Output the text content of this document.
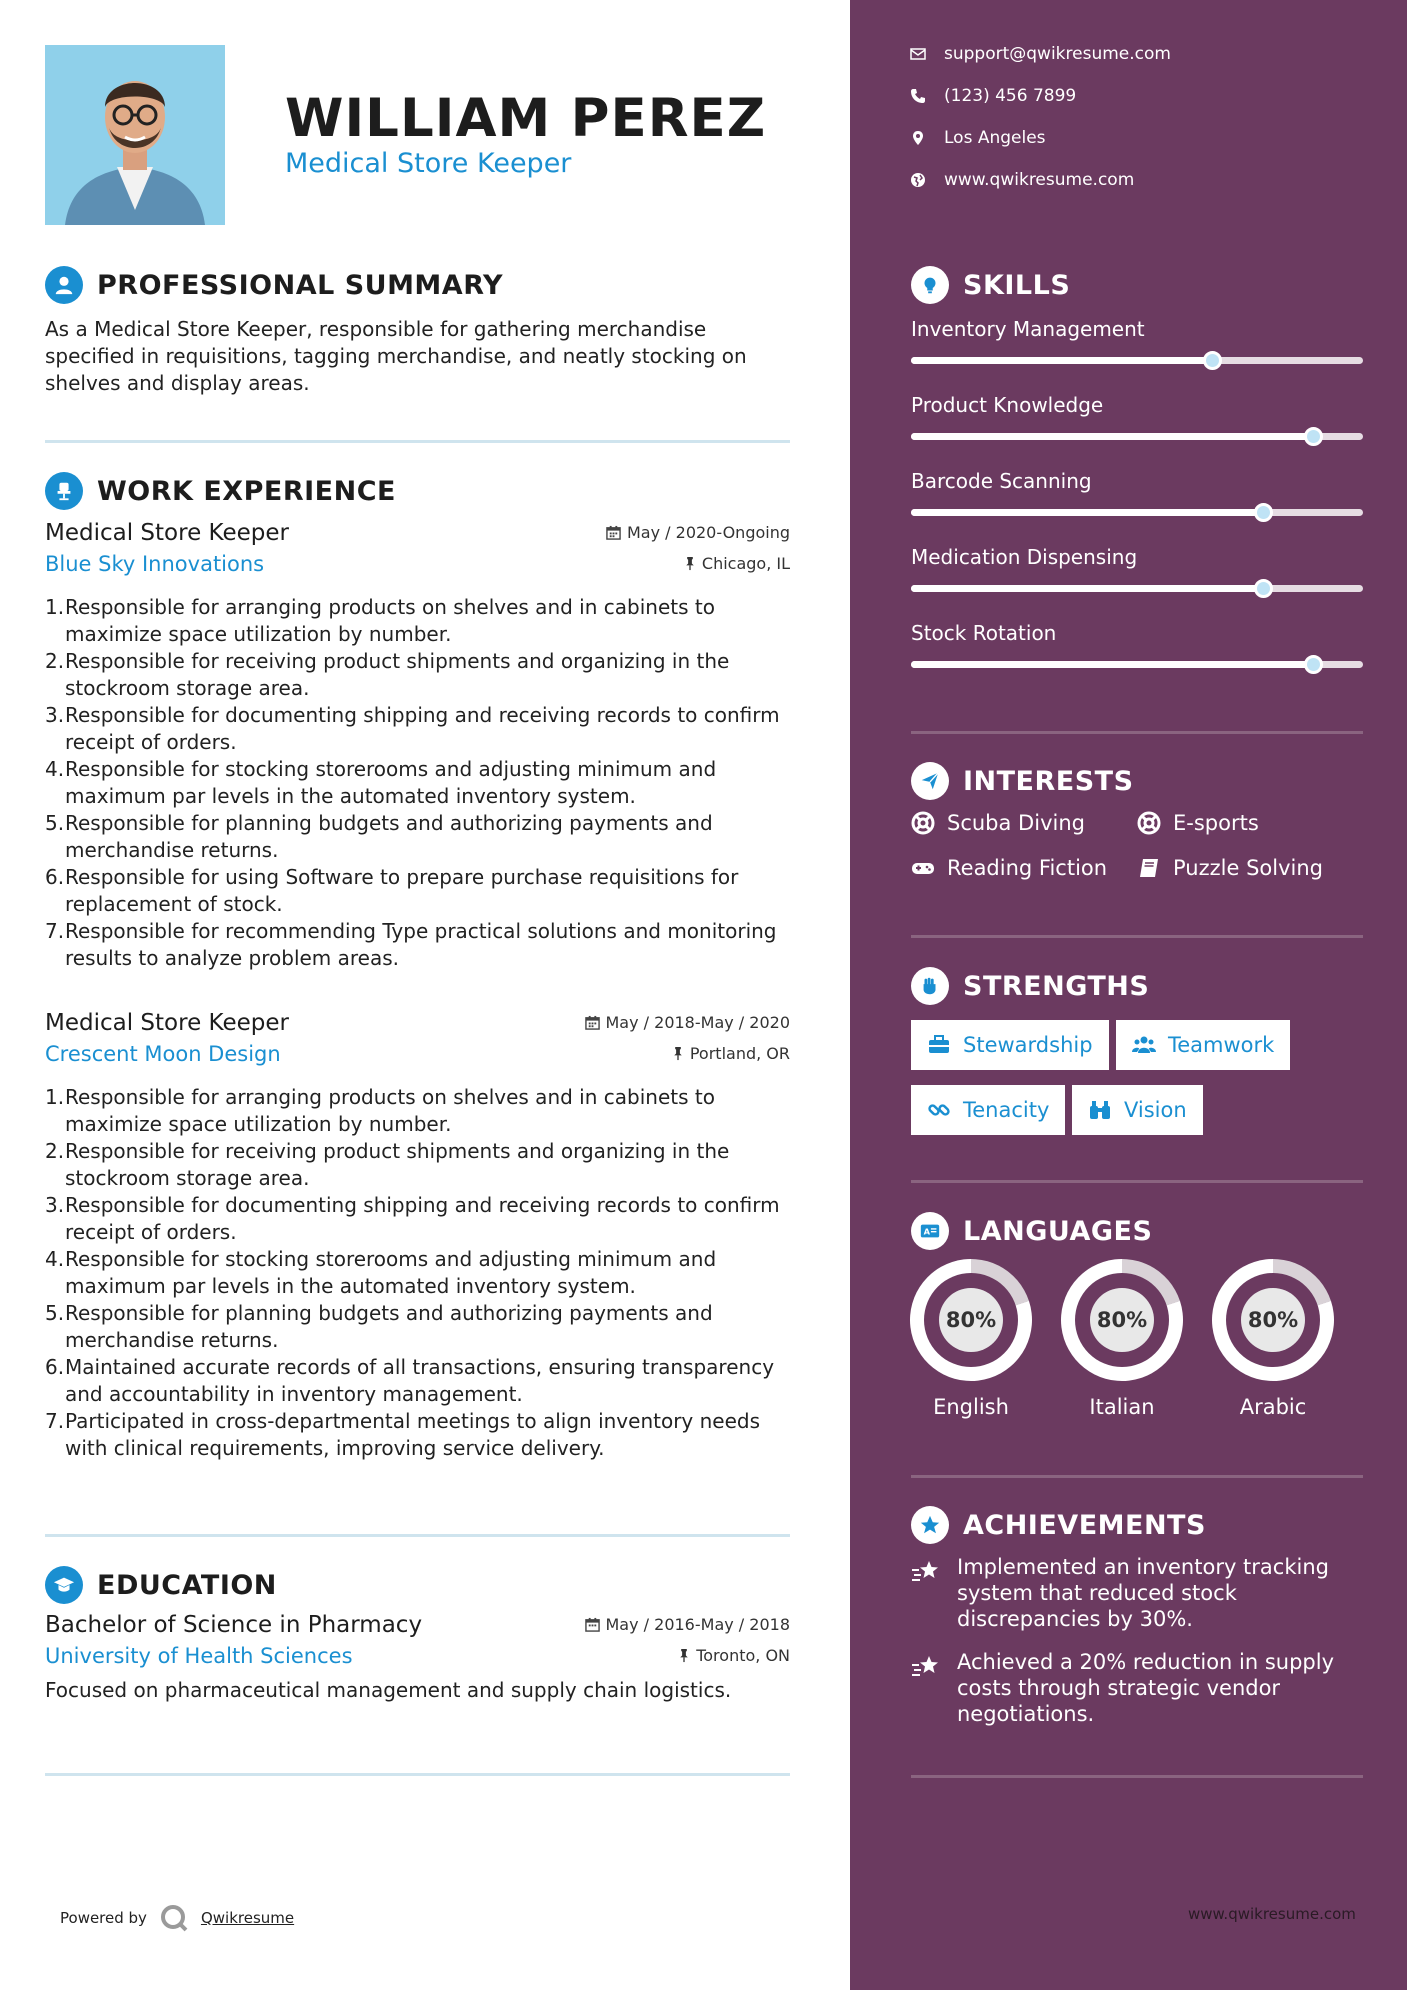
WILLIAM PEREZ
Medical Store Keeper
PROFESSIONAL SUMMARY
As a Medical Store Keeper, responsible for gathering merchandise specified in requisitions, tagging merchandise, and neatly stocking on shelves and display areas.
WORK EXPERIENCE
Medical Store Keeper	May / 2020-Ongoing
Blue Sky Innovations	Chicago, IL
1. Responsible for arranging products on shelves and in cabinets to maximize space utilization by number.
2. Responsible for receiving product shipments and organizing in the stockroom storage area.
3. Responsible for documenting shipping and receiving records to confirm receipt of orders.
4. Responsible for stocking storerooms and adjusting minimum and maximum par levels in the automated inventory system.
5. Responsible for planning budgets and authorizing payments and merchandise returns.
6. Responsible for using Software to prepare purchase requisitions for replacement of stock.
7. Responsible for recommending Type practical solutions and monitoring results to analyze problem areas.
Medical Store Keeper	May / 2018-May / 2020
Crescent Moon Design	Portland, OR
1. Responsible for arranging products on shelves and in cabinets to maximize space utilization by number.
2. Responsible for receiving product shipments and organizing in the stockroom storage area.
3. Responsible for documenting shipping and receiving records to confirm receipt of orders.
4. Responsible for stocking storerooms and adjusting minimum and maximum par levels in the automated inventory system.
5. Responsible for planning budgets and authorizing payments and merchandise returns.
6. Maintained accurate records of all transactions, ensuring transparency and accountability in inventory management.
7. Participated in cross-departmental meetings to align inventory needs with clinical requirements, improving service delivery.
EDUCATION
Bachelor of Science in Pharmacy	May / 2016-May / 2018
University of Health Sciences	Toronto, ON
Focused on pharmaceutical management and supply chain logistics.
Powered by	Qwikresume
support@qwikresume.com
(123) 456 7899
Los Angeles
www.qwikresume.com
SKILLS
Inventory Management
Product Knowledge
Barcode Scanning
Medication Dispensing
Stock Rotation
INTERESTS
Scuba Diving	E-sports
Reading Fiction	Puzzle Solving
STRENGTHS
Stewardship	Teamwork
Tenacity	Vision
A LANGUAGES
80%
English
80%
Italian
80%
Arabic
ACHIEVEMENTS
Implemented an inventory tracking system that reduced stock discrepancies by 30%.
Achieved a 20% reduction in supply costs through strategic vendor negotiations.
www.qwikresume.com
